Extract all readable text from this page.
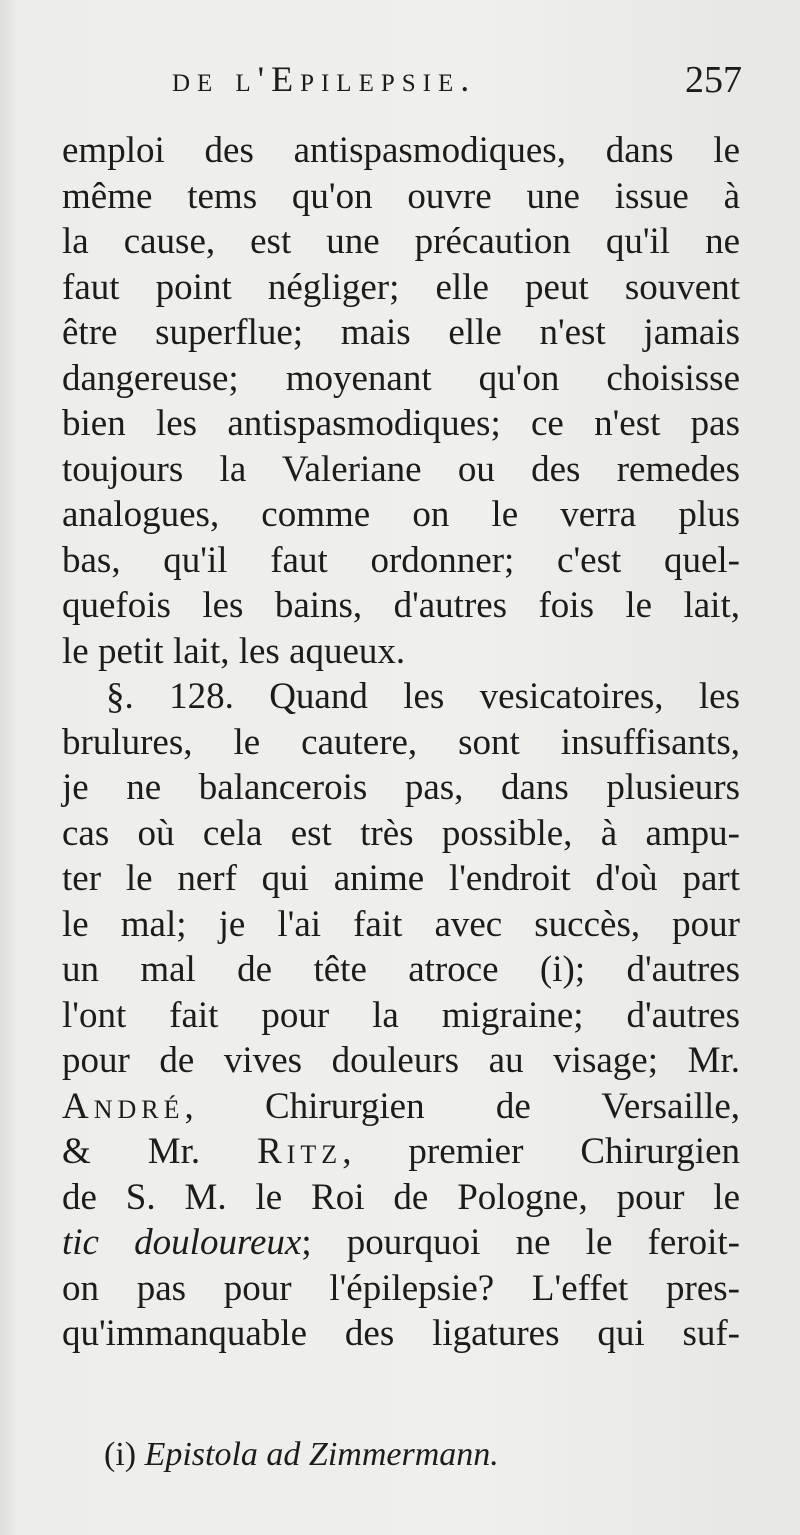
de l'Epilepsie.	257
emploi des antispasmodiques, dans le
même tems qu'on ouvre une issue à
la cause, est une précaution qu'il ne
faut point négliger; elle peut souvent
être superflue; mais elle n'est jamais
dangereuse; moyenant qu'on choisisse
bien les antispasmodiques; ce n'est pas
toujours la Valeriane ou des remedes
analogues, comme on le verra plus
bas, qu'il faut ordonner; c'est quel-
quefois les bains, d'autres fois le lait,
le petit lait, les aqueux.
§. 128. Quand les vesicatoires, les
brulures, le cautere, sont insuffisants,
je ne balancerois pas, dans plusieurs
cas où cela est très possible, à ampu-
ter le nerf qui anime l'endroit d'où part
le mal; je l'ai fait avec succès, pour
un mal de tête atroce (i); d'autres
l'ont fait pour la migraine; d'autres
pour de vives douleurs au visage; Mr.
André, Chirurgien de Versaille,
& Mr. Ritz, premier Chirurgien
de S. M. le Roi de Pologne, pour le
tic douloureux; pourquoi ne le feroit-
on pas pour l'épilepsie? L'effet pres-
qu'immanquable des ligatures qui suf-
(i) Epistola ad Zimmermann.
